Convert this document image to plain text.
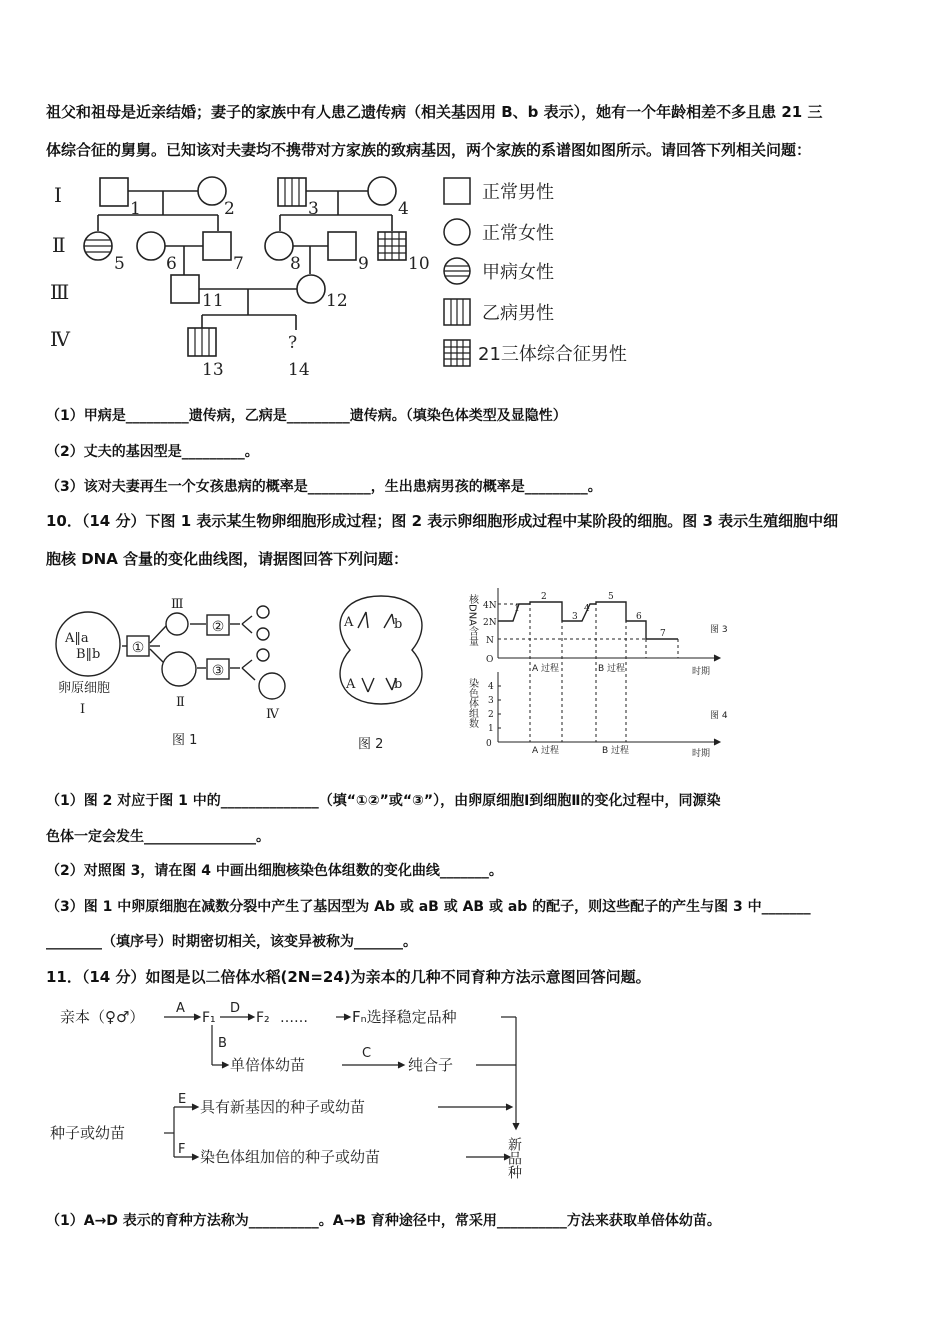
祖父和祖母是近亲结婚；妻子的家族中有人患乙遗传病（相关基因用 B、b 表示），她有一个年龄相差不多且患 21 三
体综合征的舅舅。已知该对夫妻均不携带对方家族的致病基因，两个家族的系谱图如图所示。请回答下列相关问题：
Ⅰ
Ⅱ
Ⅲ
Ⅳ
1	2	3	4
5 6	7	8	9 10
11	12
13
?
14
正常男性
正常女性
甲病女性
乙病男性
21三体综合征男性
（1）甲病是_________遗传病，乙病是_________遗传病。（填染色体类型及显隐性）
（2）丈夫的基因型是_________。
（3）该对夫妻再生一个女孩患病的概率是_________，生出患病男孩的概率是_________。
10．（14 分）下图 1 表示某生物卵细胞形成过程；图 2 表示卵细胞形成过程中某阶段的细胞。图 3 表示生殖细胞中细
胞核 DNA 含量的变化曲线图，请据图回答下列问题：
A‖a
B‖b ①
②
③
Ⅲ
Ⅱ
Ⅳ
卵原细胞
Ⅰ
图 1
A	b
A	b
图 2
核DNA含量
染色体组数
4N
2N
N
O
1
2
3
4
5
6
7
A 过程	B 过程	时期
图 3
图 4
A 过程	B 过程	时期
4
3
2
1
0
（1）图 2 对应于图 1 中的______________（填“①②”或“③”），由卵原细胞Ⅰ到细胞Ⅱ的变化过程中，同源染
色体一定会发生________________。
（2）对照图 3，请在图 4 中画出细胞核染色体组数的变化曲线_______。
（3）图 1 中卵原细胞在减数分裂中产生了基因型为 Ab 或 aB 或 AB 或 ab 的配子，则这些配子的产生与图 3 中_______
________（填序号）时期密切相关，该变异被称为_______。
11．（14 分）如图是以二倍体水稻(2N=24)为亲本的几种不同育种方法示意图回答问题。
亲本（♀♂） A
F₁
D
F₂ ……	Fₙ选择稳定品种
B
单倍体幼苗
C
纯合子
种子或幼苗
E 具有新基因的种子或幼苗
F 染色体组加倍的种子或幼苗	新品种
（1）A→D 表示的育种方法称为__________。A→B 育种途径中，常采用__________方法来获取单倍体幼苗。
